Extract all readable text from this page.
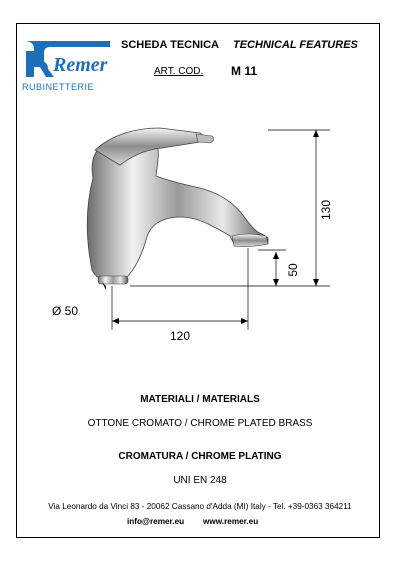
Remer
RUBINETTERIE
SCHEDA TECNICA TECHNICAL FEATURES
ART. COD. M 11
130
50
Ø 50
120
MATERIALI / MATERIALS
OTTONE CROMATO / CHROME PLATED BRASS
CROMATURA / CHROME PLATING
UNI EN 248
Via Leonardo da Vinci 83 - 20062 Cassano d'Adda (MI) Italy - Tel. +39-0363 364211
info@remer.eu www.remer.eu
